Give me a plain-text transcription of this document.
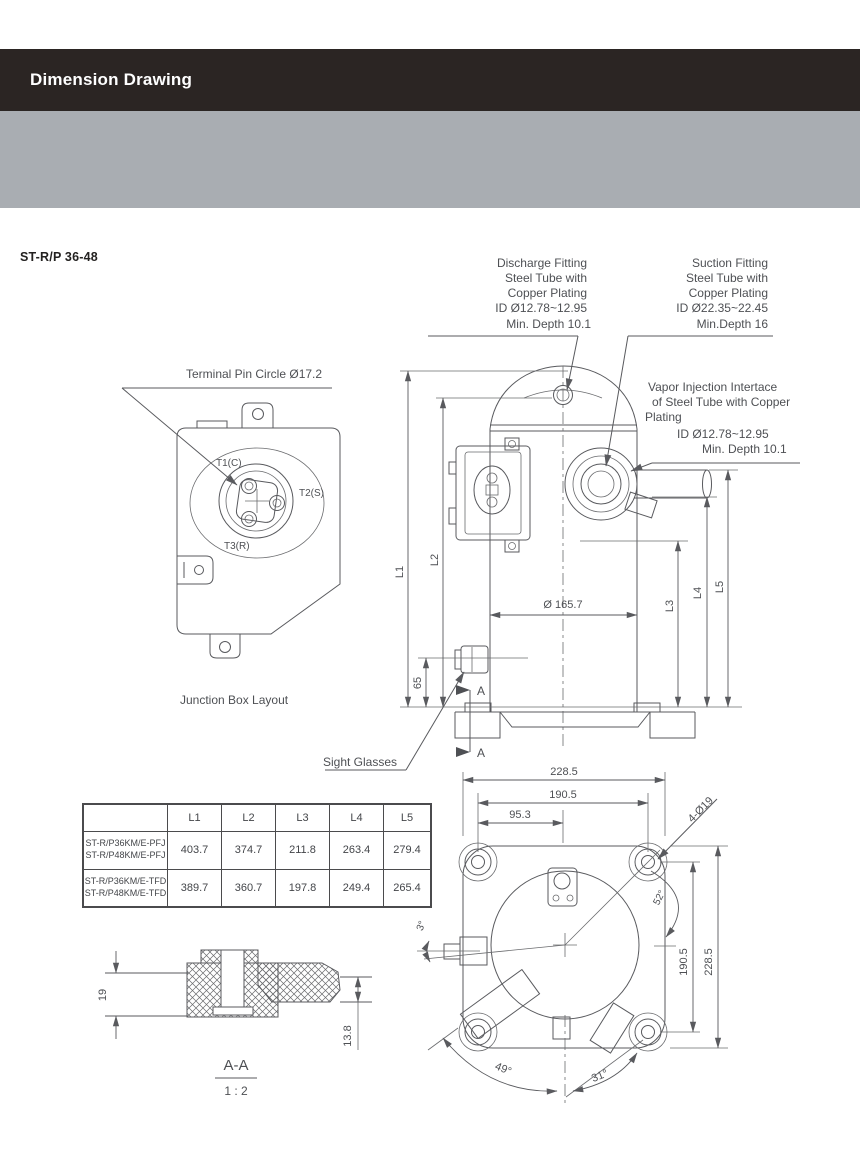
Dimension Drawing
ST-R/P 36-48
T1(C)
T2(S)
T3(R)
Terminal Pin Circle Ø17.2
Junction Box Layout
Discharge Fitting
Steel Tube with
Copper Plating
ID Ø12.78~12.95
Min. Depth 10.1
Suction Fitting
Steel Tube with
Copper Plating
ID Ø22.35~22.45
Min.Depth 16
Vapor Injection Intertace
of Steel Tube with Copper
Plating
ID Ø12.78~12.95
Min. Depth 10.1
Sight Glasses
L1
L2
65
Ø 165.7	L3
L4 L5
A
A
228.5
190.5
95.3	4-Ø19
52°
190.5 228.5
49°	31°
3°
19
13.8
A-A
1 : 2
	L1	L2	L3	L4	L5

ST-R/P36KM/E-PFJ
ST-R/P48KM/E-PFJ	403.7	374.7	211.8	263.4	279.4

ST-R/P36KM/E-TFD
ST-R/P48KM/E-TFD	389.7	360.7	197.8	249.4	265.4
